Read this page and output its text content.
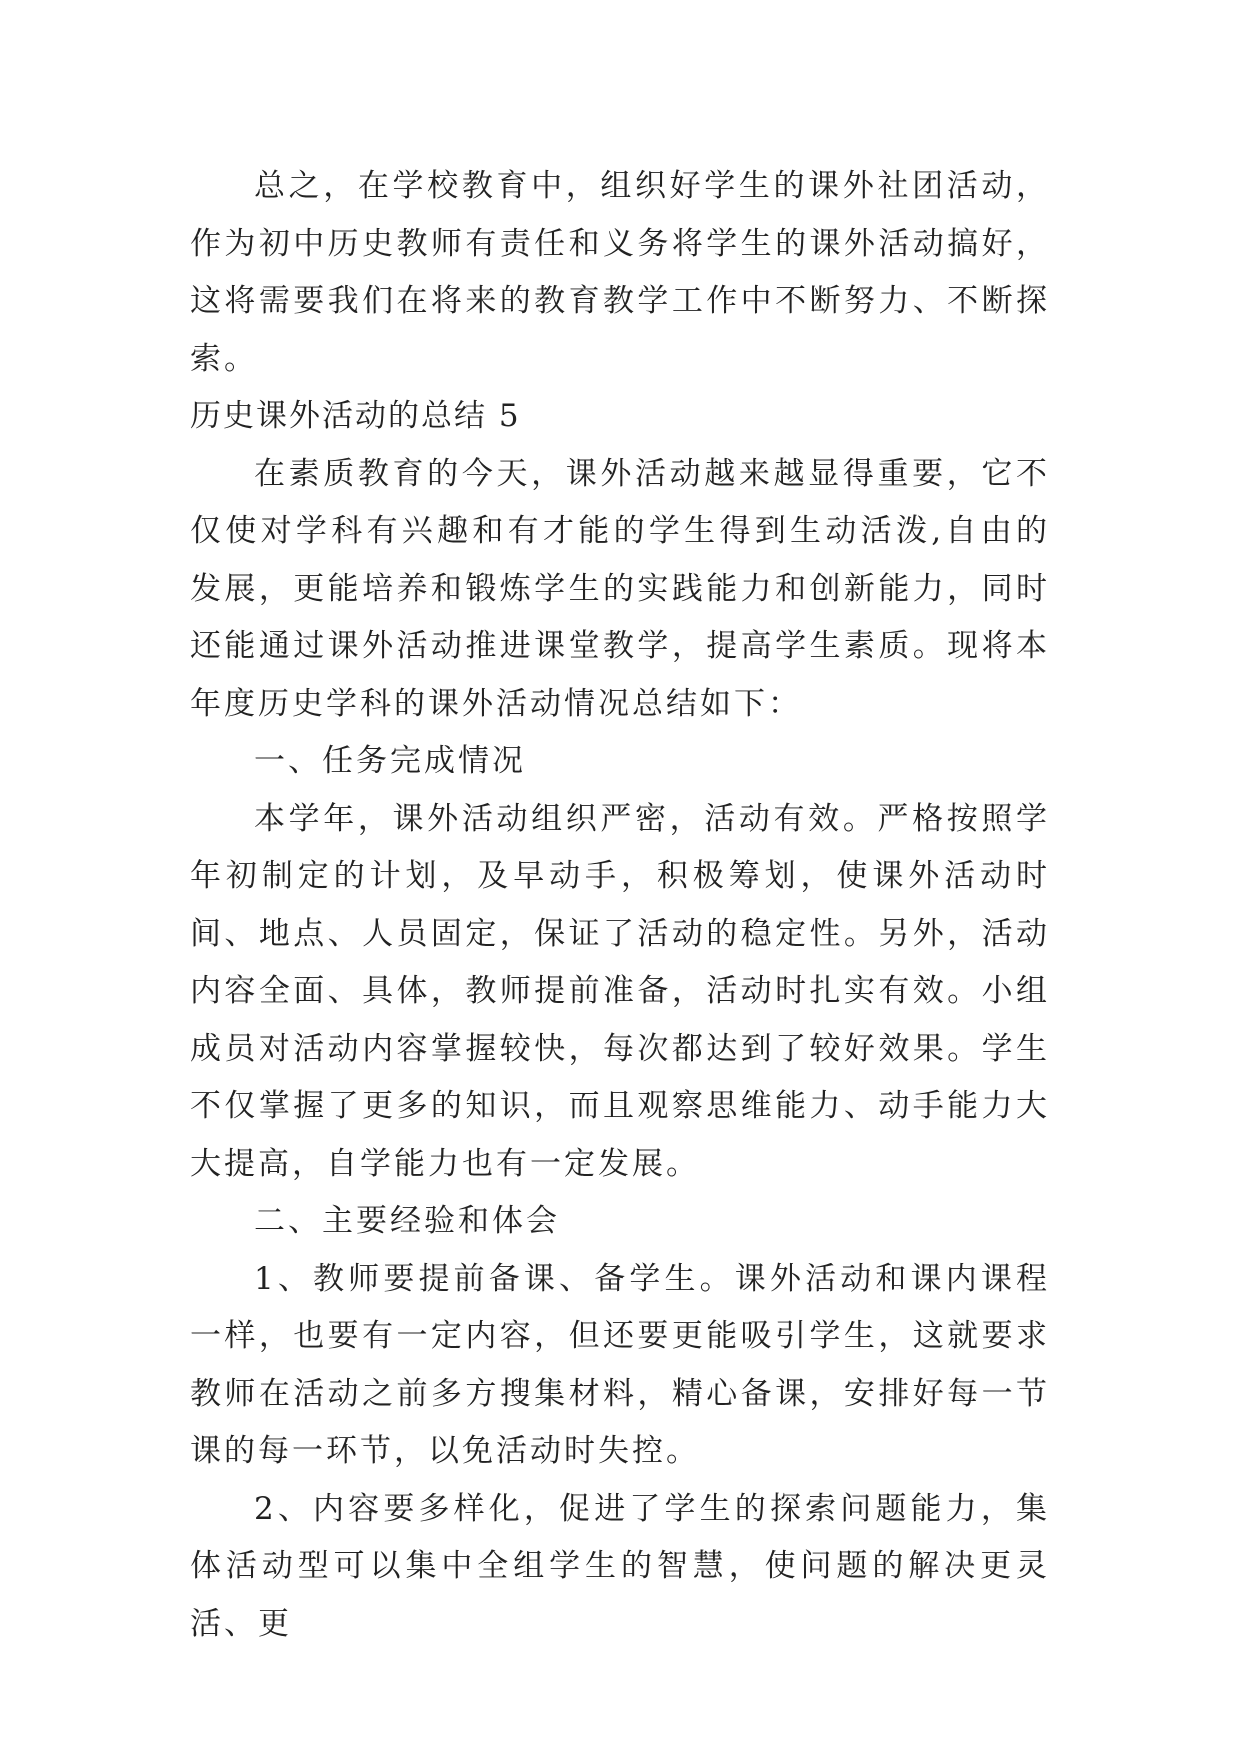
总之，在学校教育中，组织好学生的课外社团活动，作为初中历史教师有责任和义务将学生的课外活动搞好，这将需要我们在将来的教育教学工作中不断努力、不断探索。

历史课外活动的总结 5

在素质教育的今天，课外活动越来越显得重要，它不仅使对学科有兴趣和有才能的学生得到生动活泼,自由的发展，更能培养和锻炼学生的实践能力和创新能力，同时还能通过课外活动推进课堂教学，提高学生素质。现将本年度历史学科的课外活动情况总结如下：

一、任务完成情况

本学年，课外活动组织严密，活动有效。严格按照学年初制定的计划，及早动手，积极筹划，使课外活动时间、地点、人员固定，保证了活动的稳定性。另外，活动内容全面、具体，教师提前准备，活动时扎实有效。小组成员对活动内容掌握较快，每次都达到了较好效果。学生不仅掌握了更多的知识，而且观察思维能力、动手能力大大提高，自学能力也有一定发展。

二、主要经验和体会

1、教师要提前备课、备学生。课外活动和课内课程一样，也要有一定内容，但还要更能吸引学生，这就要求教师在活动之前多方搜集材料，精心备课，安排好每一节课的每一环节，以免活动时失控。

2、内容要多样化，促进了学生的探索问题能力，集体活动型可以集中全组学生的智慧，使问题的解决更灵活、更
